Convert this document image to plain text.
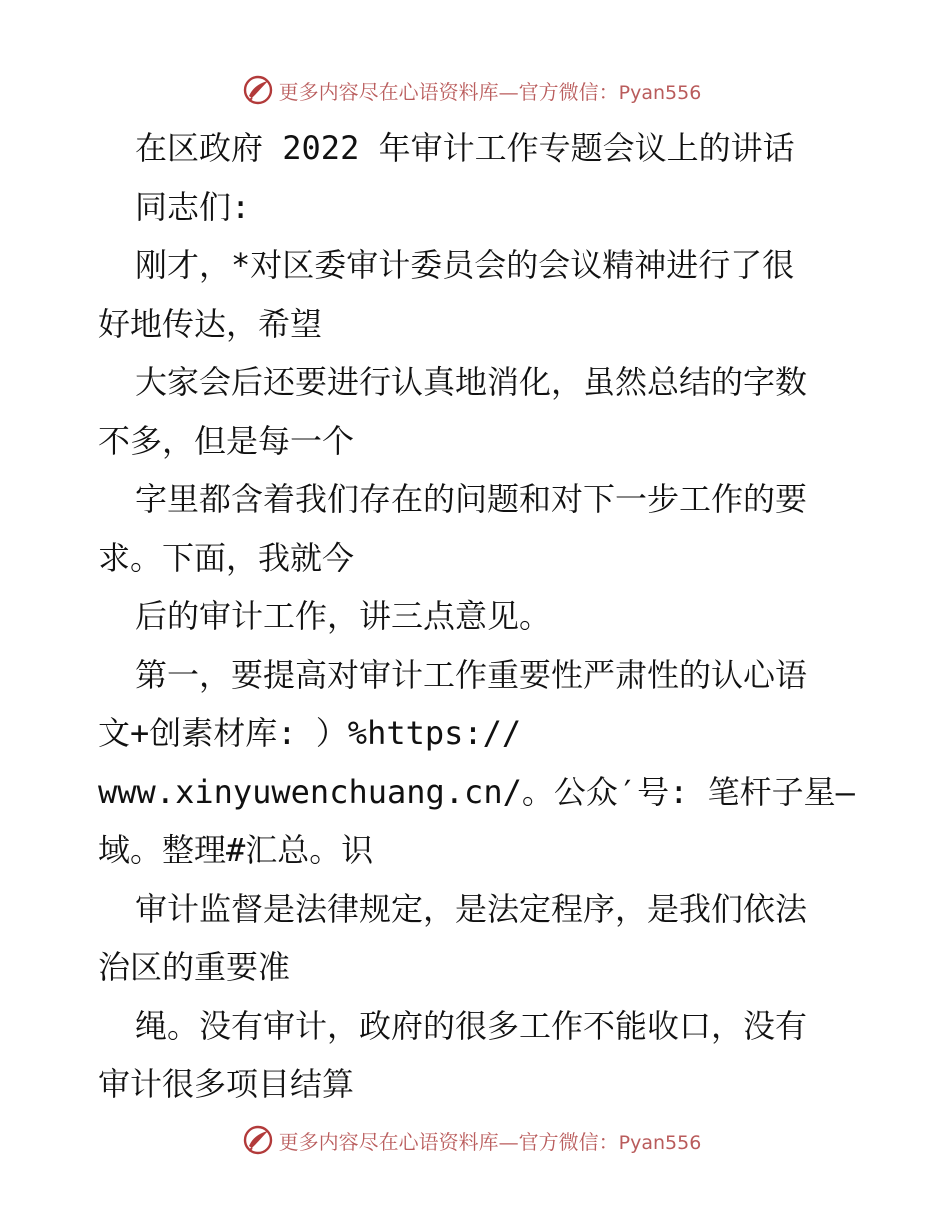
更多内容尽在心语资料库—官方微信：Pyan556
在区政府 2022 年审计工作专题会议上的讲话
同志们:
刚才，*对区委审计委员会的会议精神进行了很
好地传达，希望
大家会后还要进行认真地消化，虽然总结的字数
不多，但是每一个
字里都含着我们存在的问题和对下一步工作的要
求。下面，我就今
后的审计工作，讲三点意见。
第一，要提高对审计工作重要性严肃性的认心语
文+创素材库: ）%https://
www.xinyuwenchuang.cn/。公众′号: 笔杆子星—
域。整理#汇总。识
审计监督是法律规定，是法定程序，是我们依法
治区的重要准
绳。没有审计，政府的很多工作不能收口，没有
审计很多项目结算
更多内容尽在心语资料库—官方微信：Pyan556
